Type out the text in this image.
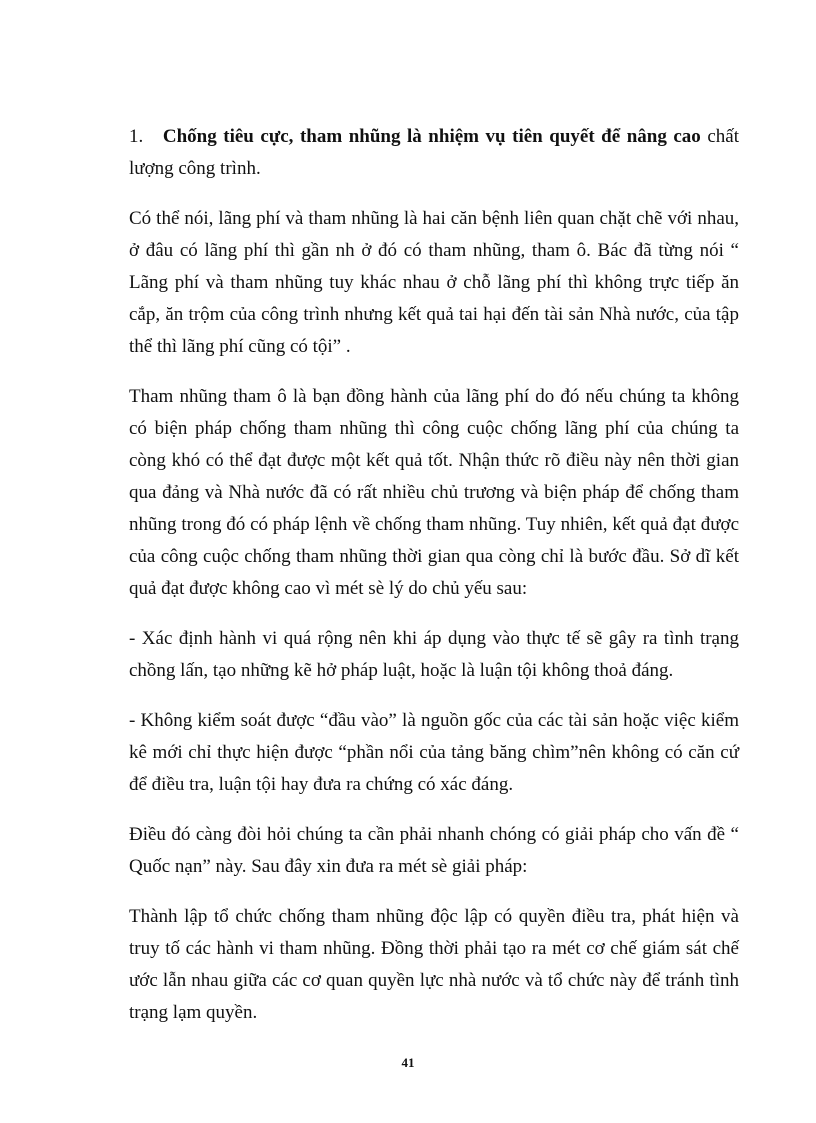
1. Chống tiêu cực, tham nhũng là nhiệm vụ tiên quyết để nâng cao chất lượng công trình.

Có thể nói, lãng phí và tham nhũng là hai căn bệnh liên quan chặt chẽ với nhau, ở đâu có lãng phí thì gần nh ở đó có tham nhũng, tham ô. Bác đã từng nói “ Lãng phí và tham nhũng tuy khác nhau ở chỗ lãng phí thì không trực tiếp ăn cắp, ăn trộm của công trình nhưng kết quả tai hại đến tài sản Nhà nước, của tập thể thì lãng phí cũng có tội” .

Tham nhũng tham ô là bạn đồng hành của lãng phí do đó nếu chúng ta không có biện pháp chống tham nhũng thì công cuộc chống lãng phí của chúng ta còng khó có thể đạt được một kết quả tốt. Nhận thức rõ điều này nên thời gian qua đảng và Nhà nước đã có rất nhiều chủ trương và biện pháp để chống tham nhũng trong đó có pháp lệnh về chống tham nhũng. Tuy nhiên, kết quả đạt được của công cuộc chống tham nhũng thời gian qua còng chỉ là bước đầu. Sở dĩ kết quả đạt được không cao vì mét sè lý do chủ yếu sau:

- Xác định hành vi quá rộng nên khi áp dụng vào thực tế sẽ gây ra tình trạng chồng lấn, tạo những kẽ hở pháp luật, hoặc là luận tội không thoả đáng.

- Không kiểm soát được “đầu vào” là nguồn gốc của các tài sản hoặc việc kiểm kê mới chỉ thực hiện được “phần nổi của tảng băng chìm”nên không có căn cứ để điều tra, luận tội hay đưa ra chứng có xác đáng.

Điều đó càng đòi hỏi chúng ta cần phải nhanh chóng có giải pháp cho vấn đề “ Quốc nạn” này. Sau đây xin đưa ra mét sè giải pháp:

Thành lập tổ chức chống tham nhũng độc lập có quyền điều tra, phát hiện và truy tố các hành vi tham nhũng. Đồng thời phải tạo ra mét cơ chế giám sát chế ước lẫn nhau giữa các cơ quan quyền lực nhà nước và tổ chức này để tránh tình trạng lạm quyền.

41
